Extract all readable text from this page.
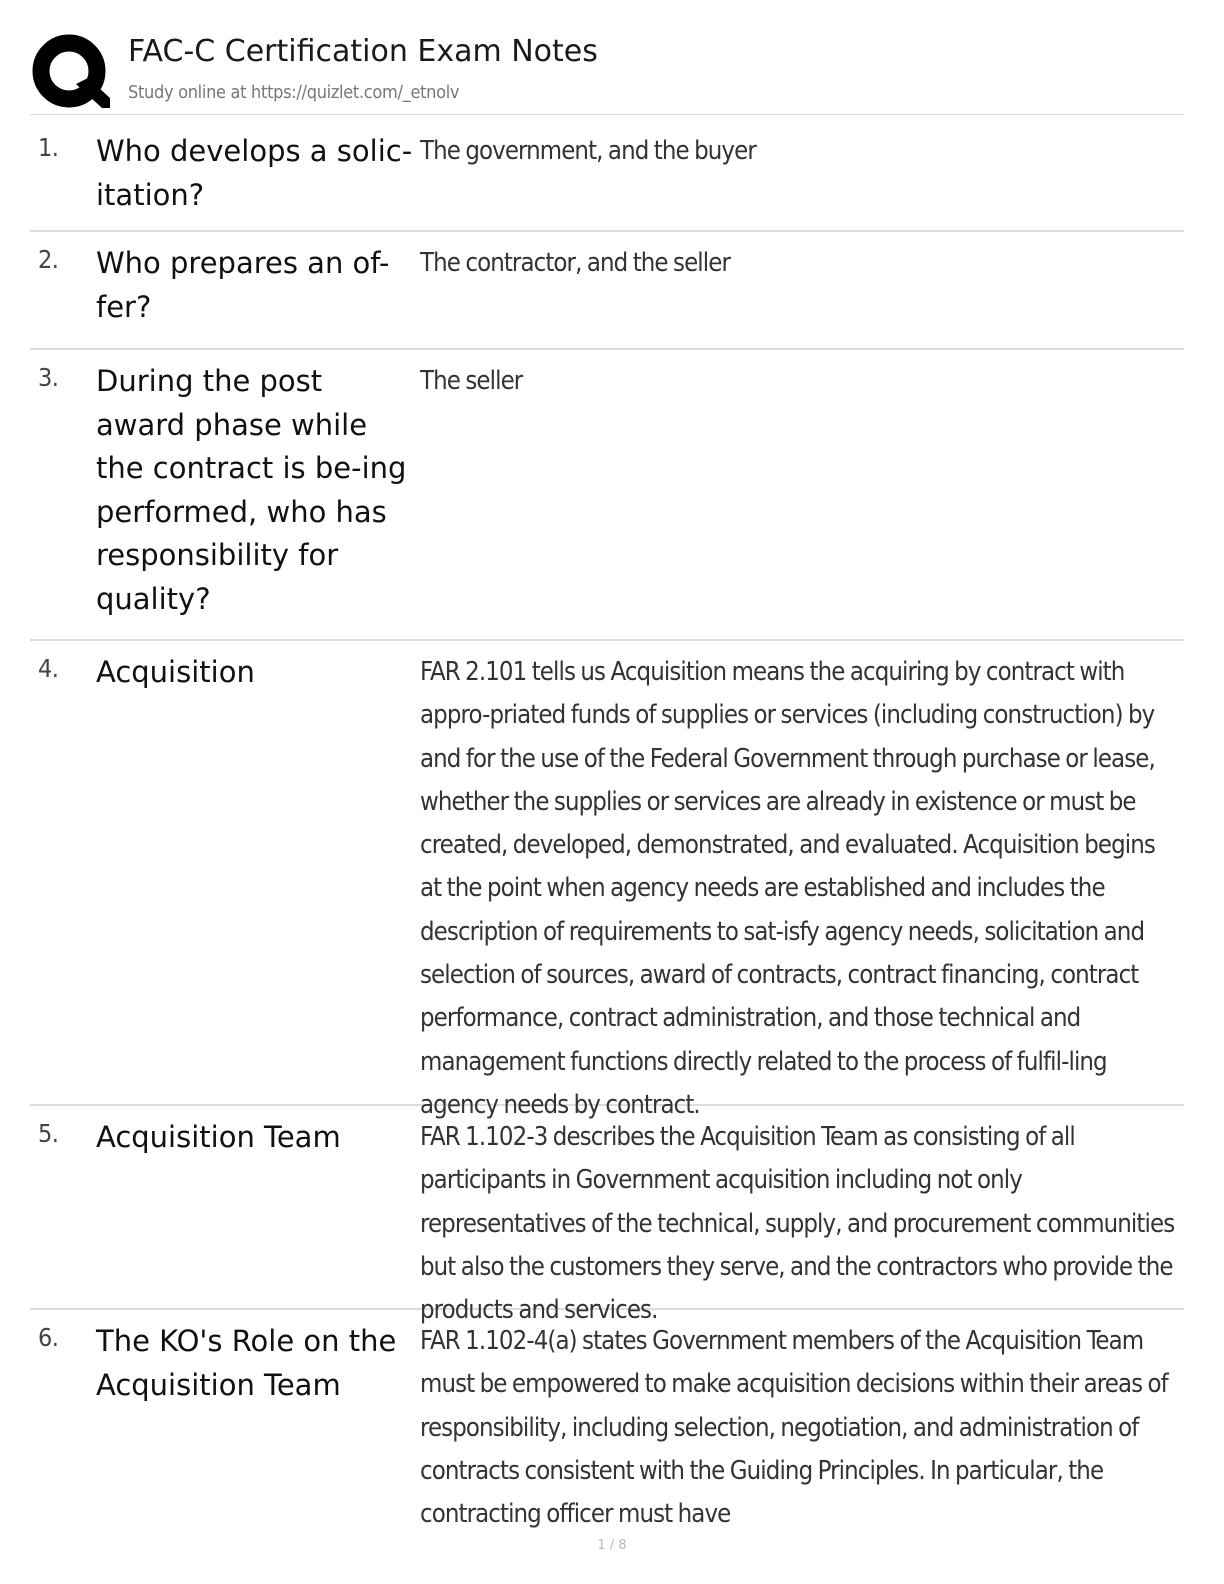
FAC-C Certification Exam Notes
Study online at https://quizlet.com/_etnolv
1. Who develops a solic-itation?
The government, and the buyer
2. Who prepares an of-fer?
The contractor, and the seller
3. During the post award phase while the contract is be-ing performed, who has responsibility for quality?
The seller
4. Acquisition	FAR 2.101 tells us Acquisition means the acquiring by contract with appro-priated funds of supplies or services (including construction) by and for the use of the Federal Government through purchase or lease, whether the supplies or services are already in existence or must be created, developed, demonstrated, and evaluated. Acquisition begins at the point when agency needs are established and includes the description of requirements to sat-isfy agency needs, solicitation and selection of sources, award of contracts, contract financing, contract performance, contract administration, and those technical and management functions directly related to the process of fulfil-ling agency needs by contract.
5. Acquisition Team	FAR 1.102-3 describes the Acquisition Team as consisting of all participants in Government acquisition including not only representatives of the technical, supply, and procurement communities but also the customers they serve, and the contractors who provide the products and services.
6. The KO's Role on the Acquisition Team
FAR 1.102-4(a) states Government members of the Acquisition Team must be empowered to make acquisition decisions within their areas of responsibility, including selection, negotiation, and administration of contracts consistent with the Guiding Principles. In particular, the contracting officer must have
1 / 8
